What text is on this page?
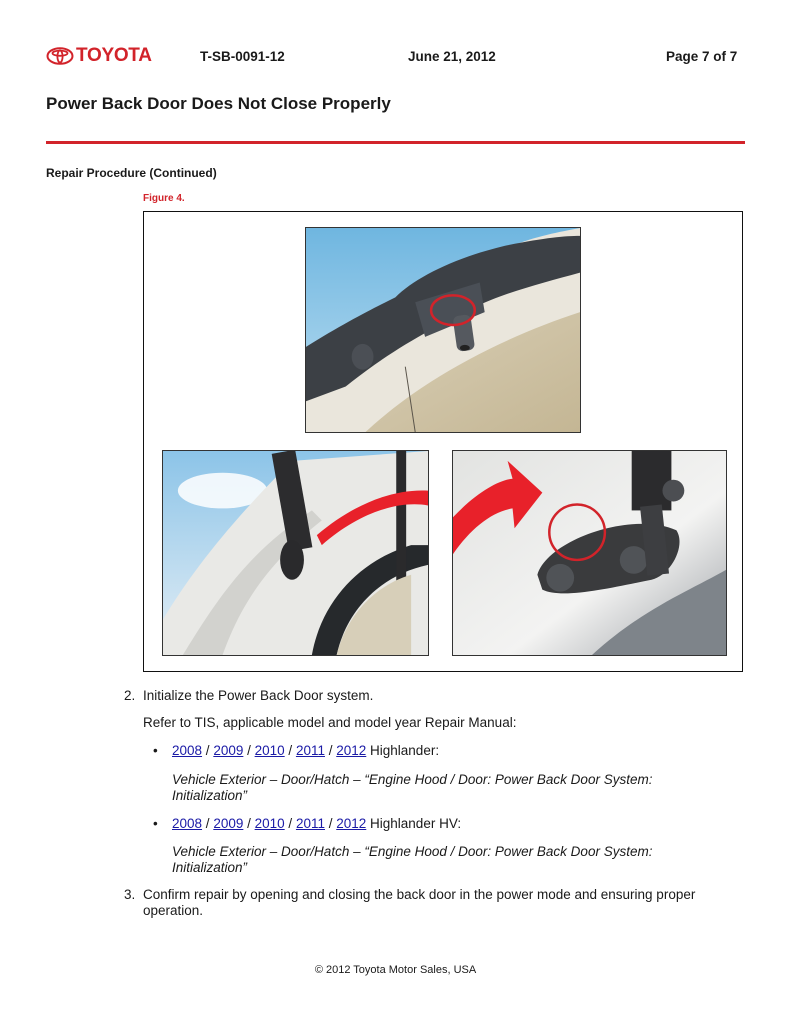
TOYOTA	T-SB-0091-12	June 21, 2012	Page 7 of 7
Power Back Door Does Not Close Properly
Repair Procedure (Continued)
Figure 4.
2. Initialize the Power Back Door system.
Refer to TIS, applicable model and model year Repair Manual:
• 2008 / 2009 / 2010 / 2011 / 2012 Highlander:
Vehicle Exterior – Door/Hatch – “Engine Hood / Door: Power Back Door System:
Initialization”
• 2008 / 2009 / 2010 / 2011 / 2012 Highlander HV:
Vehicle Exterior – Door/Hatch – “Engine Hood / Door: Power Back Door System:
Initialization”
3. Confirm repair by opening and closing the back door in the power mode and ensuring proper
operation.
© 2012 Toyota Motor Sales, USA
